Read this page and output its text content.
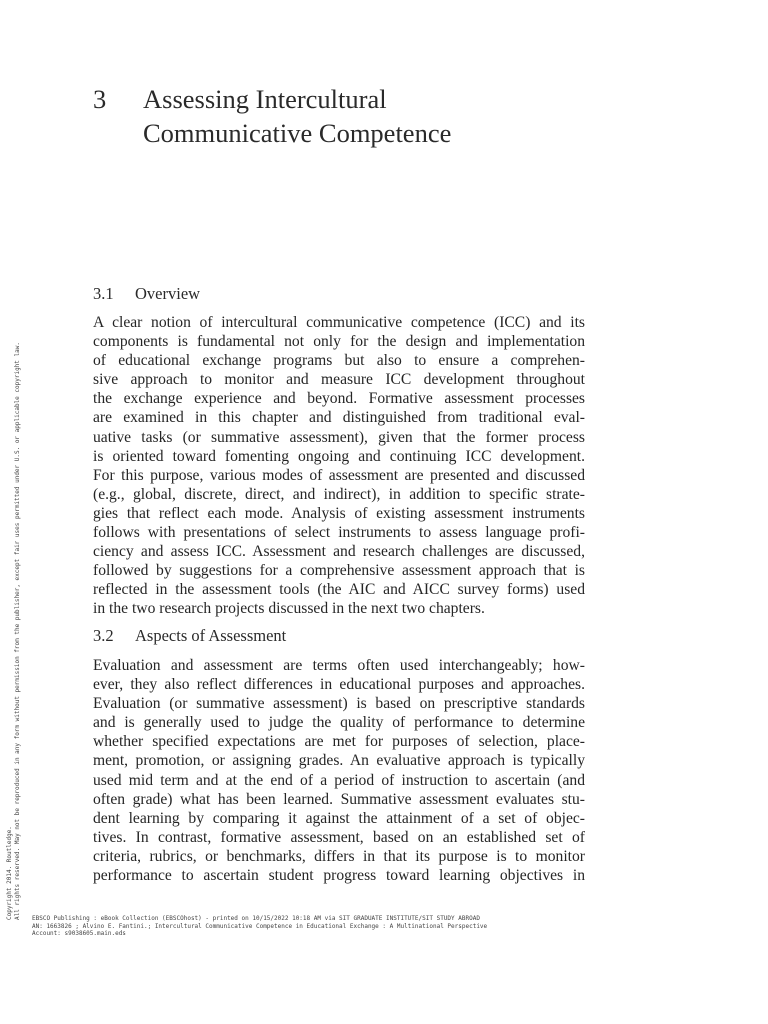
3	Assessing Intercultural
Communicative Competence
3.1 Overview
A clear notion of intercultural communicative competence (ICC) and its
components is fundamental not only for the design and implementation
of educational exchange programs but also to ensure a comprehen-
sive approach to monitor and measure ICC development throughout
the exchange experience and beyond. Formative assessment processes
are examined in this chapter and distinguished from traditional eval-
uative tasks (or summative assessment), given that the former process
is oriented toward fomenting ongoing and continuing ICC development.
For this purpose, various modes of assessment are presented and discussed
(e.g., global, discrete, direct, and indirect), in addition to specific strate-
gies that reflect each mode. Analysis of existing assessment instruments
follows with presentations of select instruments to assess language profi-
ciency and assess ICC. Assessment and research challenges are discussed,
followed by suggestions for a comprehensive assessment approach that is
reflected in the assessment tools (the AIC and AICC survey forms) used
in the two research projects discussed in the next two chapters.
3.2 Aspects of Assessment
Evaluation and assessment are terms often used interchangeably; how-
ever, they also reflect differences in educational purposes and approaches.
Evaluation (or summative assessment) is based on prescriptive standards
and is generally used to judge the quality of performance to determine
whether specified expectations are met for purposes of selection, place-
ment, promotion, or assigning grades. An evaluative approach is typically
used mid term and at the end of a period of instruction to ascertain (and
often grade) what has been learned. Summative assessment evaluates stu-
dent learning by comparing it against the attainment of a set of objec-
tives. In contrast, formative assessment, based on an established set of
criteria, rubrics, or benchmarks, differs in that its purpose is to monitor
performance to ascertain student progress toward learning objectives in
Copyright 2014. Routledge. All rights reserved. May not be reproduced in any form without permission from the publisher, except fair uses permitted under U.S. or applicable copyright law. EBSCO Publishing : eBook Collection (EBSCOhost) - printed on 10/15/2022 10:18 AM via SIT GRADUATE INSTITUTE/SIT STUDY ABROAD
AN: 1663826 ; Alvino E. Fantini.; Intercultural Communicative Competence in Educational Exchange : A Multinational Perspective
Account: s9038605.main.eds
